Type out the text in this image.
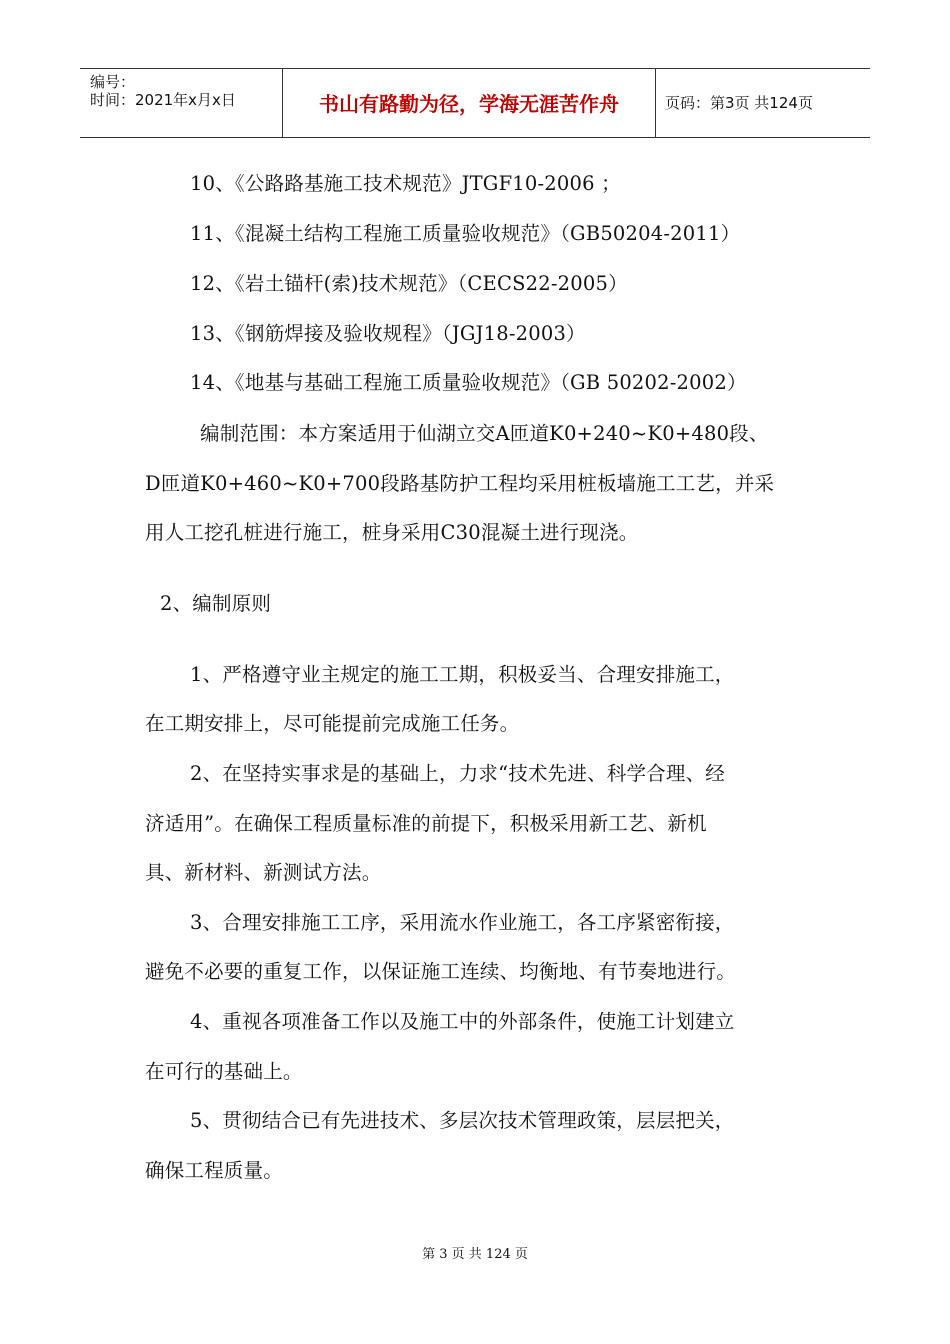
编号：
时间：2021年x月x日	书山有路勤为径，学海无涯苦作舟	页码：第3页 共124页
10、《公路路基施工技术规范》JTGF10-2006 ；
11、《混凝土结构工程施工质量验收规范》（GB50204-2011）
12、《岩土锚杆(索)技术规范》（CECS22-2005）
13、《钢筋焊接及验收规程》（JGJ18-2003）
14、《地基与基础工程施工质量验收规范》（GB 50202-2002）
编制范围：本方案适用于仙湖立交A匝道K0+240~K0+480段、
D匝道K0+460~K0+700段路基防护工程均采用桩板墙施工工艺，并采
用人工挖孔桩进行施工，桩身采用C30混凝土进行现浇。
2、编制原则
1、严格遵守业主规定的施工工期，积极妥当、合理安排施工，
在工期安排上，尽可能提前完成施工任务。
2、在坚持实事求是的基础上，力求“技术先进、科学合理、经
济适用”。在确保工程质量标准的前提下，积极采用新工艺、新机
具、新材料、新测试方法。
3、合理安排施工工序，采用流水作业施工，各工序紧密衔接，
避免不必要的重复工作，以保证施工连续、均衡地、有节奏地进行。
4、重视各项准备工作以及施工中的外部条件，使施工计划建立
在可行的基础上。
5、贯彻结合已有先进技术、多层次技术管理政策，层层把关，
确保工程质量。
第 3 页 共 124 页
